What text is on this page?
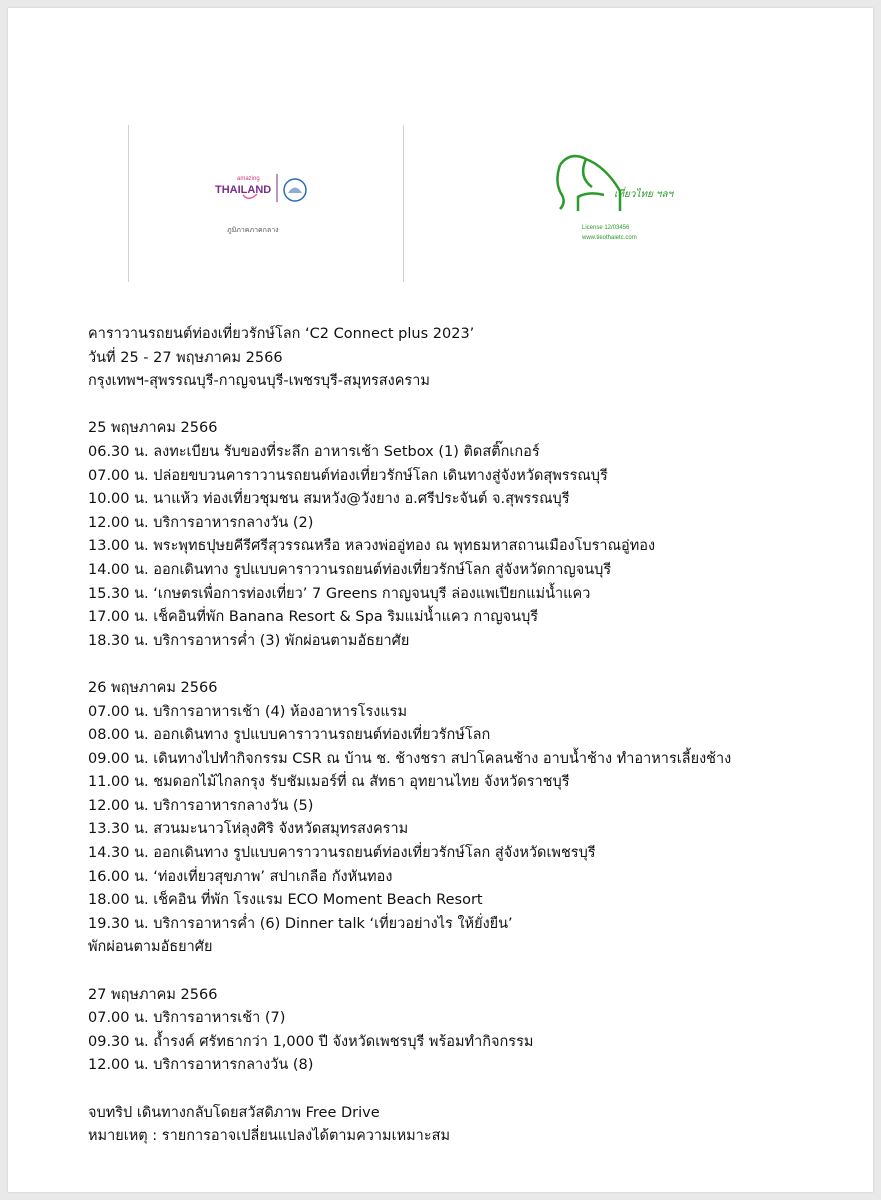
amazing
THAILAND
ภูมิภาคภาคกลาง
เที่ยวไทย ฯลฯ
License 12/03456
www.tieothaietc.com
คาราวานรถยนต์ท่องเที่ยวรักษ์โลก ‘C2 Connect plus 2023’
วันที่ 25 - 27 พฤษภาคม 2566
กรุงเทพฯ-สุพรรณบุรี-กาญจนบุรี-เพชรบุรี-สมุทรสงคราม
25 พฤษภาคม 2566
06.30 น. ลงทะเบียน รับของที่ระลึก อาหารเช้า Setbox (1) ติดสติ๊กเกอร์
07.00 น. ปล่อยขบวนคาราวานรถยนต์ท่องเที่ยวรักษ์โลก เดินทางสู่จังหวัดสุพรรณบุรี
10.00 น. นาแห้ว ท่องเที่ยวชุมชน สมหวัง@วังยาง อ.ศรีประจันต์ จ.สุพรรณบุรี
12.00 น. บริการอาหารกลางวัน (2)
13.00 น. พระพุทธปุษยคีรีศรีสุวรรณหรือ หลวงพ่ออู่ทอง ณ พุทธมหาสถานเมืองโบราณอู่ทอง
14.00 น. ออกเดินทาง รูปแบบคาราวานรถยนต์ท่องเที่ยวรักษ์โลก สู่จังหวัดกาญจนบุรี
15.30 น. ‘เกษตรเพื่อการท่องเที่ยว’ 7 Greens กาญจนบุรี ล่องแพเปียกแม่น้ำแคว
17.00 น. เช็คอินที่พัก Banana Resort & Spa ริมแม่น้ำแคว กาญจนบุรี
18.30 น. บริการอาหารค่ำ (3) พักผ่อนตามอัธยาศัย
26 พฤษภาคม 2566
07.00 น. บริการอาหารเช้า (4) ห้องอาหารโรงแรม
08.00 น. ออกเดินทาง รูปแบบคาราวานรถยนต์ท่องเที่ยวรักษ์โลก
09.00 น. เดินทางไปทำกิจกรรม CSR ณ บ้าน ช. ช้างชรา สปาโคลนช้าง อาบน้ำช้าง ทำอาหารเลี้ยงช้าง
11.00 น. ชมดอกไม้ไกลกรุง รับชัมเมอร์ที่ ณ สัทธา อุทยานไทย จังหวัดราชบุรี
12.00 น. บริการอาหารกลางวัน (5)
13.30 น. สวนมะนาวโห่ลุงศิริ จังหวัดสมุทรสงคราม
14.30 น. ออกเดินทาง รูปแบบคาราวานรถยนต์ท่องเที่ยวรักษ์โลก สู่จังหวัดเพชรบุรี
16.00 น. ‘ท่องเที่ยวสุขภาพ’ สปาเกลือ กังหันทอง
18.00 น. เช็คอิน ที่พัก โรงแรม ECO Moment Beach Resort
19.30 น. บริการอาหารค่ำ (6) Dinner talk ‘เที่ยวอย่างไร ให้ยั่งยืน’
พักผ่อนตามอัธยาศัย
27 พฤษภาคม 2566
07.00 น. บริการอาหารเช้า (7)
09.30 น. ถ้ำรงค์ ศรัทธากว่า 1,000 ปี จังหวัดเพชรบุรี พร้อมทำกิจกรรม
12.00 น. บริการอาหารกลางวัน (8)
จบทริป เดินทางกลับโดยสวัสดิภาพ Free Drive
หมายเหตุ : รายการอาจเปลี่ยนแปลงได้ตามความเหมาะสม
